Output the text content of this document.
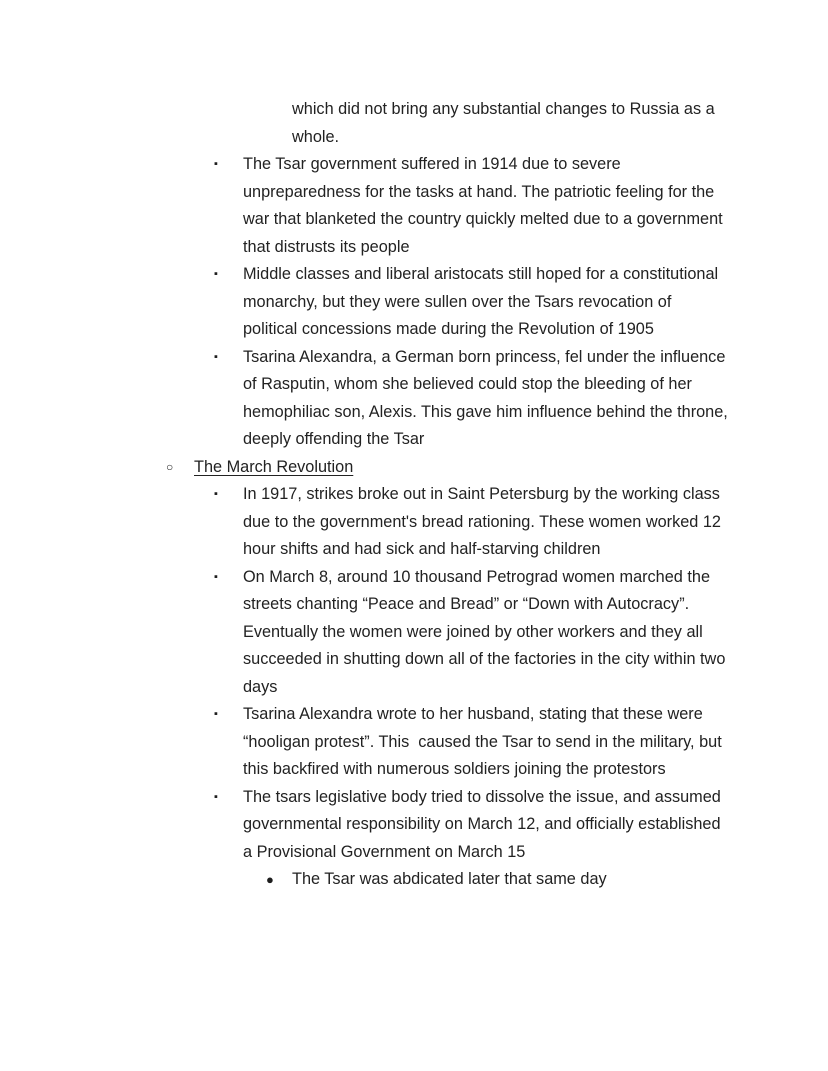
which did not bring any substantial changes to Russia as a whole.
▪	The Tsar government suffered in 1914 due to severe unpreparedness for the tasks at hand. The patriotic feeling for the war that blanketed the country quickly melted due to a government that distrusts its people
▪	Middle classes and liberal aristocats still hoped for a constitutional monarchy, but they were sullen over the Tsars revocation of political concessions made during the Revolution of 1905
▪	Tsarina Alexandra, a German born princess, fel under the influence of Rasputin, whom she believed could stop the bleeding of her hemophiliac son, Alexis. This gave him influence behind the throne, deeply offending the Tsar
○	The March Revolution
▪	In 1917, strikes broke out in Saint Petersburg by the working class due to the government's bread rationing. These women worked 12 hour shifts and had sick and half-starving children
▪	On March 8, around 10 thousand Petrograd women marched the streets chanting “Peace and Bread” or “Down with Autocracy”. Eventually the women were joined by other workers and they all succeeded in shutting down all of the factories in the city within two days
▪	Tsarina Alexandra wrote to her husband, stating that these were “hooligan protest”. This  caused the Tsar to send in the military, but this backfired with numerous soldiers joining the protestors
▪	The tsars legislative body tried to dissolve the issue, and assumed governmental responsibility on March 12, and officially established a Provisional Government on March 15
●	The Tsar was abdicated later that same day
